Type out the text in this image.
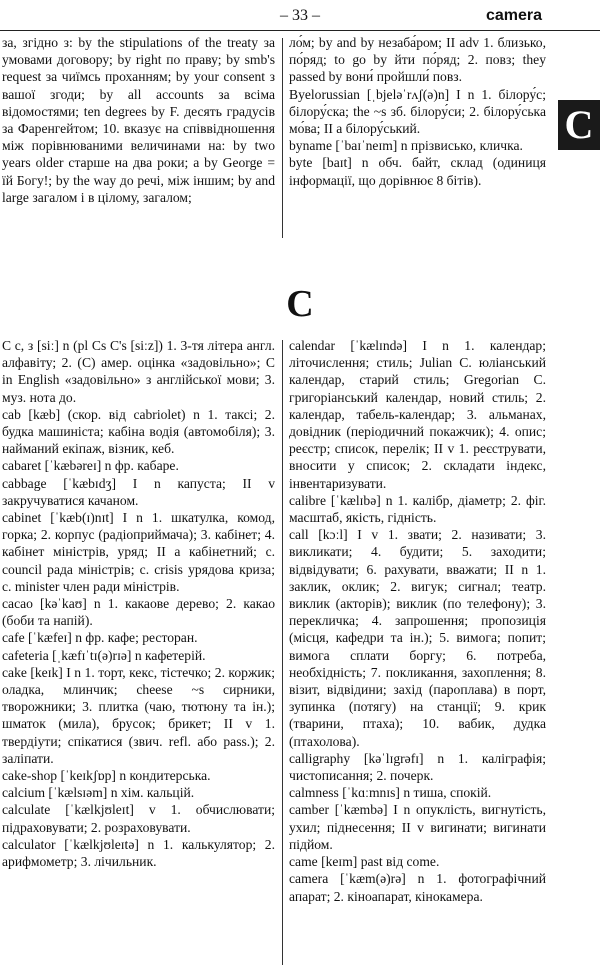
– 33 –	camera

за, згідно з: by the stipulations of the treaty за умовами договору; by right по праву; by smb's request за чиїмсь проханням; by your consent з вашої згоди; by all accounts за всіма відомостями; ten degrees by F. десять градусів за Фаренгейтом; 10. вказує на співвідношення між порівнюваними величинами на: by two years older старше на два роки; a by George = їй Богу!; by the way до речі, між іншим; by and large загалом і в цілому, загалом;

ло́м; by and by незаба́ром; II adv 1. близько, по́ряд; to go by йти по́ряд; 2. повз; they passed by вони́ пройшли́ повз.

Byelorussian [ˌbjeləˈrʌʃ(ə)n] I n 1. білору́с; білору́ска; the ~s зб. білору́си; 2. білору́ська мо́ва; II a білору́ський.

byname [ˈbaɪˈneɪm] n прізвисько, кличка.

byte [baɪt] n обч. байт, склад (одиниця інформації, що дорівнює 8 бітів).

C
C

C c, з [siː] n (pl Cs C's [siːz]) 1. 3-тя літера англ. алфавіту; 2. (C) амер. оцінка «задовільно»; C in English «задовільно» з англійської мови; 3. муз. нота до.

cab [kæb] (скор. від cabriolet) n 1. таксі; 2. будка машиніста; кабіна водія (автомобіля); 3. найманий екіпаж, візник, кеб.

cabaret [ˈkæbəreɪ] n фр. кабаре.

cabbage [ˈkæbɪdʒ] I n капуста; II v закручуватися качаном.

cabinet [ˈkæb(ɪ)nɪt] I n 1. шкатулка, комод, горка; 2. корпус (радіоприймача); 3. кабінет; 4. кабінет міністрів, уряд; II a кабінетний; c. council рада міністрів; c. crisis урядова криза; c. minister член ради міністрів.

cacao [kəˈkaʊ] n 1. какаове дерево; 2. какао (боби та напій).

cafe [ˈkæfeɪ] n фр. кафе; ресторан.

cafeteria [ˌkæfɪˈtɪ(ə)rɪə] n кафетерій.

cake [keɪk] I n 1. торт, кекс, тістечко; 2. коржик; оладка, млинчик; cheese ~s сирники, творожники; 3. плитка (чаю, тютюну та ін.); шматок (мила), брусок; брикет; II v 1. твердіути; спікатися (звич. refl. або pass.); 2. заліпати.

cake-shop [ˈkeɪkʃɒp] n кондитерська.

calcium [ˈkælsɪəm] n хім. кальцій.

calculate [ˈkælkjʊleɪt] v 1. обчислювати; підраховувати; 2. розраховувати.

calculator [ˈkælkjʊleɪtə] n 1. калькулятор; 2. арифмометр; 3. лічильник.

calendar [ˈkælɪndə] I n 1. календар; літочислення; стиль; Julian C. юліанський календар, старий стиль; Gregorian C. григоріанський календар, новий стиль; 2. календар, табель-календар; 3. альманах, довідник (періодичний покажчик); 4. опис; реєстр; список, перелік; II v 1. реєструвати, вносити у список; 2. складати індекс, інвентаризувати.

calibre [ˈkælɪbə] n 1. калібр, діаметр; 2. фіг. масштаб, якість, гідність.

call [kɔːl] I v 1. звати; 2. називати; 3. викликати; 4. будити; 5. заходити; відвідувати; 6. рахувати, вважати; II n 1. заклик, оклик; 2. вигук; сигнал; театр. виклик (акторів); виклик (по телефону); 3. перекличка; 4. запрошення; пропозиція (місця, кафедри та ін.); 5. вимога; попит; вимога сплати боргу; 6. потреба, необхідність; 7. покликання, захоплення; 8. візит, відвідини; захід (пароплава) в порт, зупинка (потягу) на станції; 9. крик (тварини, птаха); 10. вабик, дудка (птахолова).

calligraphy [kəˈlɪgrəfɪ] n 1. каліграфія; чистописання; 2. почерк.

calmness [ˈkɑːmnɪs] n тиша, спокій.

camber [ˈkæmbə] I n опуклість, вигнутість, ухил; піднесення; II v вигинати; вигинати підйом.

came [keɪm] past від come.

camera [ˈkæm(ə)rə] n 1. фотографічний апарат; 2. кіноапарат, кінокамера.
